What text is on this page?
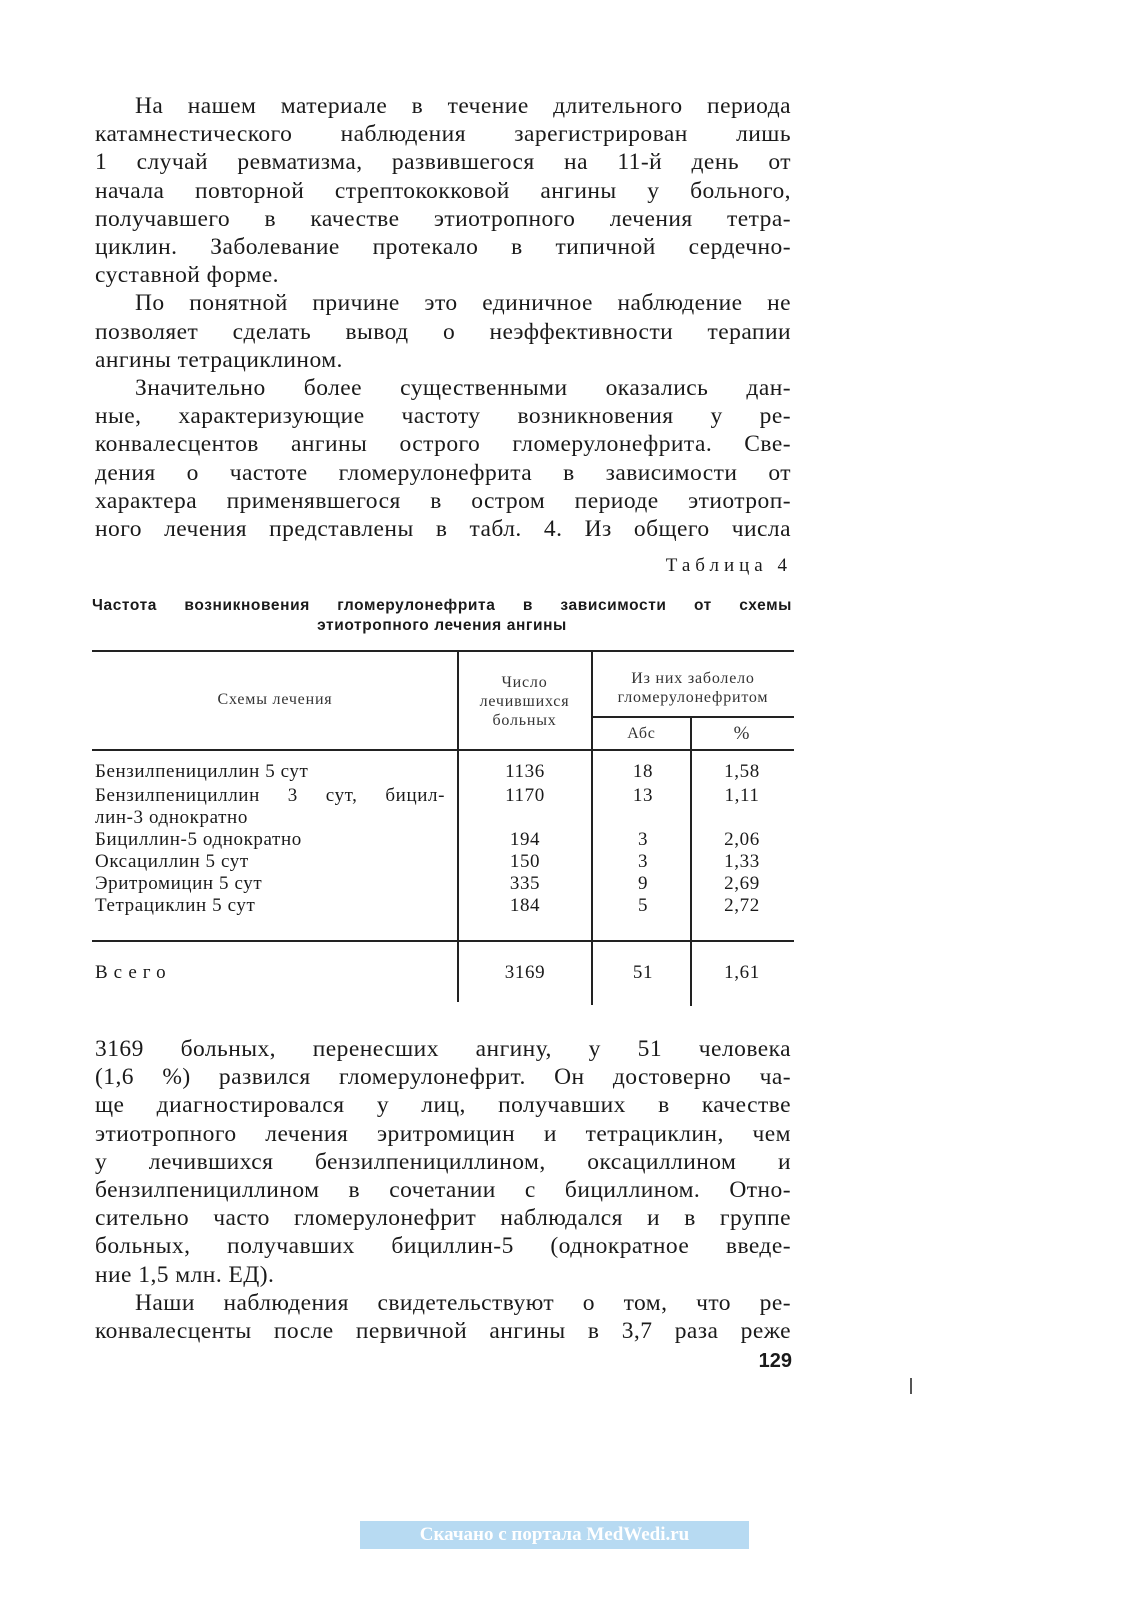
На нашем материале в течение длительного периода
катамнестического наблюдения зарегистрирован лишь
1 случай ревматизма, развившегося на 11-й день от
начала повторной стрептококковой ангины у больного,
получавшего в качестве этиотропного лечения тетра-
циклин. Заболевание протекало в типичной сердечно-
суставной форме.
По понятной причине это единичное наблюдение не
позволяет сделать вывод о неэффективности терапии
ангины тетрациклином.
Значительно более существенными оказались дан-
ные, характеризующие частоту возникновения у ре-
конвалесцентов ангины острого гломерулонефрита. Све-
дения о частоте гломерулонефрита в зависимости от
характера применявшегося в остром периоде этиотроп-
ного лечения представлены в табл. 4. Из общего числа
Таблица 4
Частота возникновения гломерулонефрита в зависимости от схемы
этиотропного лечения ангины
Схемы лечения
Число
лечившихся
больных
Из них заболело
гломерулонефритом
Абс	%
Бензилпенициллин 5 сут	1136	18	1,58
Бензилпенициллин 3 сут, бицил-
лин-3 однократно
1170	13	1,11
Бициллин-5 однократно	194	3	2,06
Оксациллин 5 сут	150	3	1,33
Эритромицин 5 сут	335	9	2,69
Тетрациклин 5 сут	184	5	2,72
Всего	3169	51	1,61
3169 больных, перенесших ангину, у 51 человека
(1,6 %) развился гломерулонефрит. Он достоверно ча-
ще диагностировался у лиц, получавших в качестве
этиотропного лечения эритромицин и тетрациклин, чем
у лечившихся бензилпенициллином, оксациллином и
бензилпенициллином в сочетании с бициллином. Отно-
сительно часто гломерулонефрит наблюдался и в группе
больных, получавших бициллин-5 (однократное введе-
ние 1,5 млн. ЕД).
Наши наблюдения свидетельствуют о том, что ре-
конвалесценты после первичной ангины в 3,7 раза реже
129
Скачано с портала MedWedi.ru
